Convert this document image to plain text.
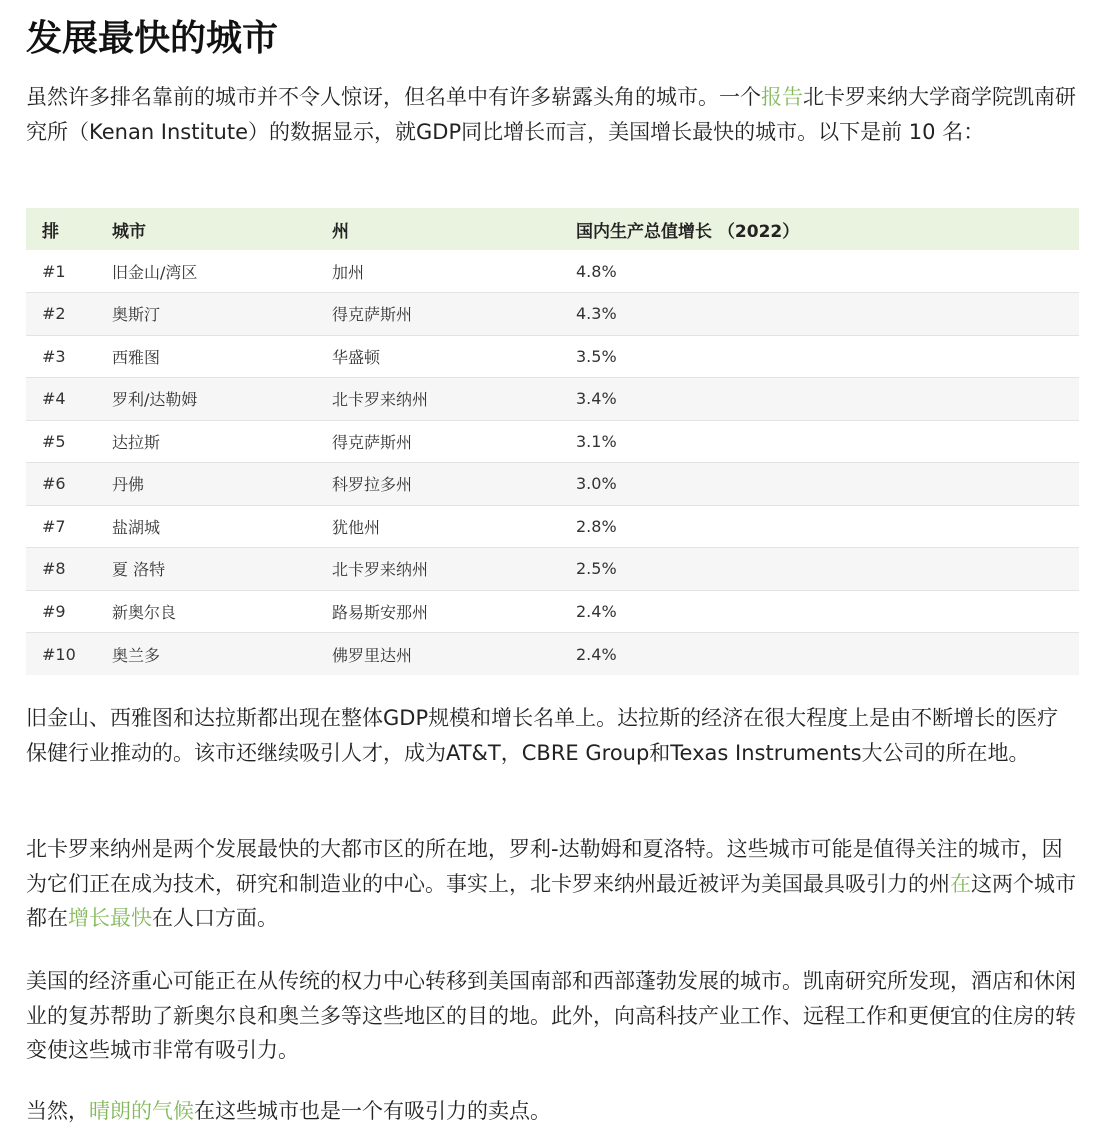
发展最快的城市

虽然许多排名靠前的城市并不令人惊讶，但名单中有许多崭露头角的城市。一个报告北卡罗来纳大学商学院凯南研究所（Kenan Institute）的数据显示，就GDP同比增长而言，美国增长最快的城市。以下是前 10 名：

排	城市	州	国内生产总值增长 （2022）
#1	旧金山/湾区	加州	4.8%
#2	奥斯汀	得克萨斯州	4.3%
#3	西雅图	华盛顿	3.5%
#4	罗利/达勒姆	北卡罗来纳州	3.4%
#5	达拉斯	得克萨斯州	3.1%
#6	丹佛	科罗拉多州	3.0%
#7	盐湖城	犹他州	2.8%
#8	夏 洛特	北卡罗来纳州	2.5%
#9	新奥尔良	路易斯安那州	2.4%
#10	奥兰多	佛罗里达州	2.4%

旧金山、西雅图和达拉斯都出现在整体GDP规模和增长名单上。达拉斯的经济在很大程度上是由不断增长的医疗保健行业推动的。该市还继续吸引人才，成为AT&T，CBRE Group和Texas Instruments大公司的所在地。

北卡罗来纳州是两个发展最快的大都市区的所在地，罗利-达勒姆和夏洛特。这些城市可能是值得关注的城市，因为它们正在成为技术，研究和制造业的中心。事实上，北卡罗来纳州最近被评为美国最具吸引力的州在这两个城市都在增长最快在人口方面。

美国的经济重心可能正在从传统的权力中心转移到美国南部和西部蓬勃发展的城市。凯南研究所发现，酒店和休闲业的复苏帮助了新奥尔良和奥兰多等这些地区的目的地。此外，向高科技产业工作、远程工作和更便宜的住房的转变使这些城市非常有吸引力。

当然，晴朗的气候在这些城市也是一个有吸引力的卖点。
